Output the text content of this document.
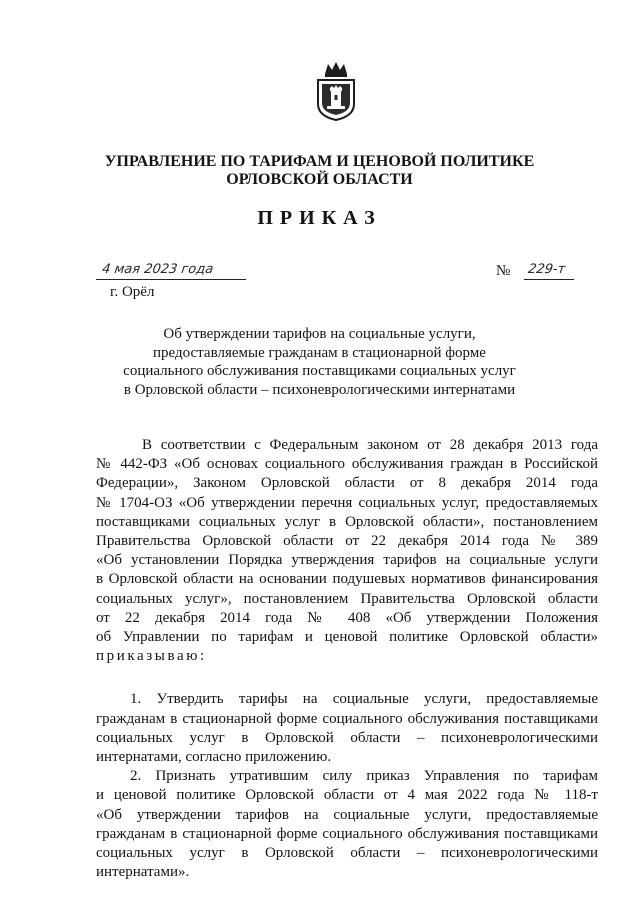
УПРАВЛЕНИЕ ПО ТАРИФАМ И ЦЕНОВОЙ ПОЛИТИКЕ
ОРЛОВСКОЙ ОБЛАСТИ
ПРИКАЗ
4 мая 2023 года	№ 229-т
г. Орёл
Об утверждении тарифов на социальные услуги,
предоставляемые гражданам в стационарной форме
социального обслуживания поставщиками социальных услуг
в Орловской области – психоневрологическими интернатами
В соответствии с Федеральным законом от 28 декабря 2013 года
№ 442-ФЗ «Об основах социального обслуживания граждан в Российской
Федерации», Законом Орловской области от 8 декабря 2014 года
№ 1704-ОЗ «Об утверждении перечня социальных услуг, предоставляемых
поставщиками социальных услуг в Орловской области», постановлением
Правительства Орловской области от 22 декабря 2014 года № 389
«Об установлении Порядка утверждения тарифов на социальные услуги
в Орловской области на основании подушевых нормативов финансирования
социальных услуг», постановлением Правительства Орловской области
от 22 декабря 2014 года № 408 «Об утверждении Положения
об Управлении по тарифам и ценовой политике Орловской области»
приказываю:
1. Утвердить тарифы на социальные услуги, предоставляемые
гражданам в стационарной форме социального обслуживания поставщиками
социальных услуг в Орловской области – психоневрологическими
интернатами, согласно приложению.
2. Признать утратившим силу приказ Управления по тарифам
и ценовой политике Орловской области от 4 мая 2022 года № 118-т
«Об утверждении тарифов на социальные услуги, предоставляемые
гражданам в стационарной форме социального обслуживания поставщиками
социальных услуг в Орловской области – психоневрологическими
интернатами».
